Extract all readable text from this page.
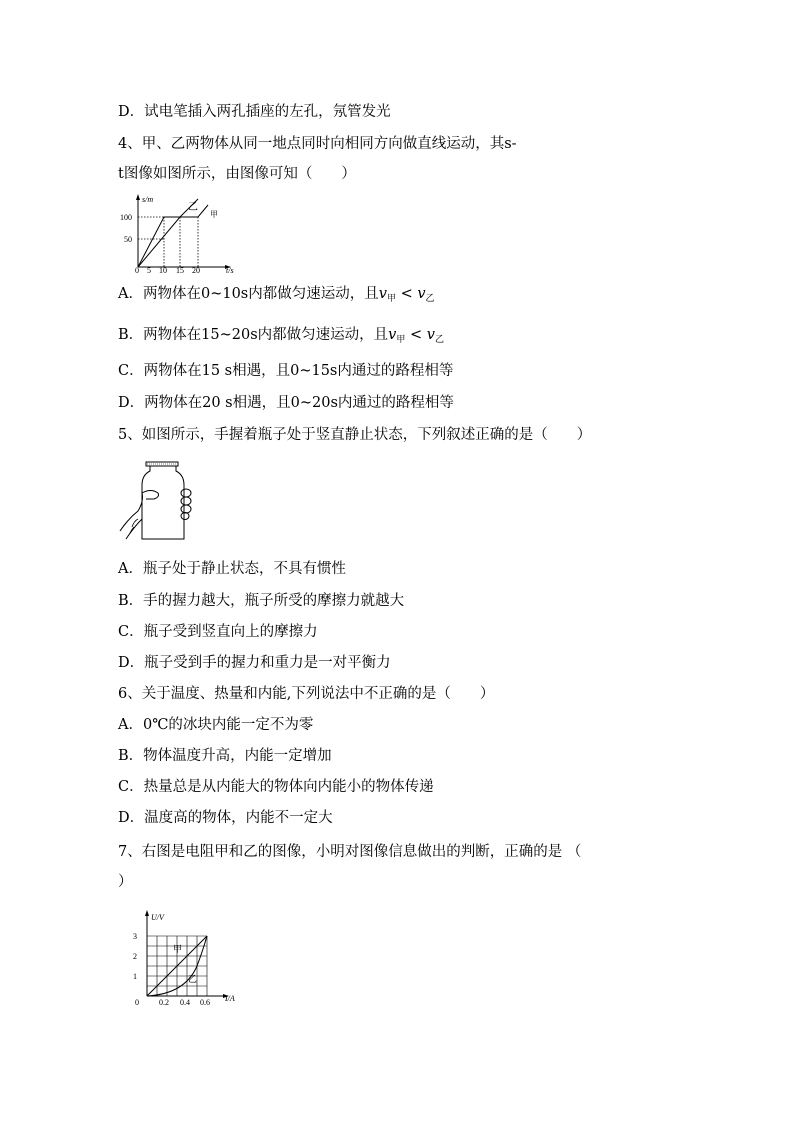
D．试电笔插入两孔插座的左孔，氖管发光
4、甲、乙两物体从同一地点同时向相同方向做直线运动，其s-
t图像如图所示，由图像可知（　　）
s/m
t/s
50
100
0 5 10 15 20
乙
甲
A．两物体在0~10s内都做匀速运动，且$v_甲 < v_乙$
B．两物体在15~20s内都做匀速运动，且$v_甲 < v_乙$
C．两物体在15 s相遇，且0~15s内通过的路程相等
D．两物体在20 s相遇，且0~20s内通过的路程相等
5、如图所示，手握着瓶子处于竖直静止状态，下列叙述正确的是（　　）
A．瓶子处于静止状态，不具有惯性
B．手的握力越大，瓶子所受的摩擦力就越大
C．瓶子受到竖直向上的摩擦力
D．瓶子受到手的握力和重力是一对平衡力
6、关于温度、热量和内能,下列说法中不正确的是（　　）
A．0℃的冰块内能一定不为零
B．物体温度升高，内能一定增加
C．热量总是从内能大的物体向内能小的物体传递
D．温度高的物体，内能不一定大
7、右图是电阻甲和乙的图像，小明对图像信息做出的判断，正确的是 （
）
U/V
I/A
3
2
1
0	0.2 0.4 0.6
甲
乙
